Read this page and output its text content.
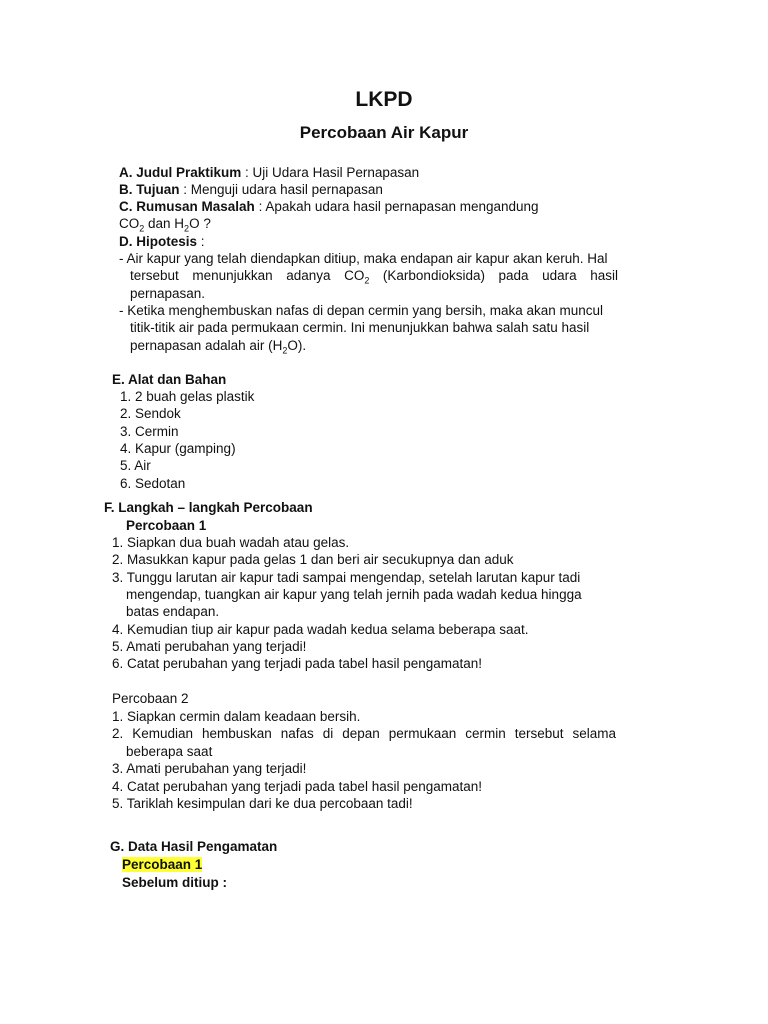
LKPD
Percobaan Air Kapur
A. Judul Praktikum : Uji Udara Hasil Pernapasan
B. Tujuan : Menguji udara hasil pernapasan
C. Rumusan Masalah : Apakah udara hasil pernapasan mengandung
$CO_2$ dan $H_2O$ ?
D. Hipotesis :
- Air kapur yang telah diendapkan ditiup, maka endapan air kapur akan keruh. Hal
tersebut menunjukkan adanya $CO_2$ (Karbondioksida) pada udara hasil
pernapasan.
- Ketika menghembuskan nafas di depan cermin yang bersih, maka akan muncul
titik-titik air pada permukaan cermin. Ini menunjukkan bahwa salah satu hasil
pernapasan adalah air $(H_2O)$.
E. Alat dan Bahan
1. 2 buah gelas plastik
2. Sendok
3. Cermin
4. Kapur (gamping)
5. Air
6. Sedotan
F. Langkah – langkah Percobaan
Percobaan 1
1. Siapkan dua buah wadah atau gelas.
2. Masukkan kapur pada gelas 1 dan beri air secukupnya dan aduk
3. Tunggu larutan air kapur tadi sampai mengendap, setelah larutan kapur tadi
mengendap, tuangkan air kapur yang telah jernih pada wadah kedua hingga
batas endapan.
4. Kemudian tiup air kapur pada wadah kedua selama beberapa saat.
5. Amati perubahan yang terjadi!
6. Catat perubahan yang terjadi pada tabel hasil pengamatan!
Percobaan 2
1. Siapkan cermin dalam keadaan bersih.
2. Kemudian hembuskan nafas di depan permukaan cermin tersebut selama
beberapa saat
3. Amati perubahan yang terjadi!
4. Catat perubahan yang terjadi pada tabel hasil pengamatan!
5. Tariklah kesimpulan dari ke dua percobaan tadi!
G. Data Hasil Pengamatan
Percobaan 1
Sebelum ditiup :
